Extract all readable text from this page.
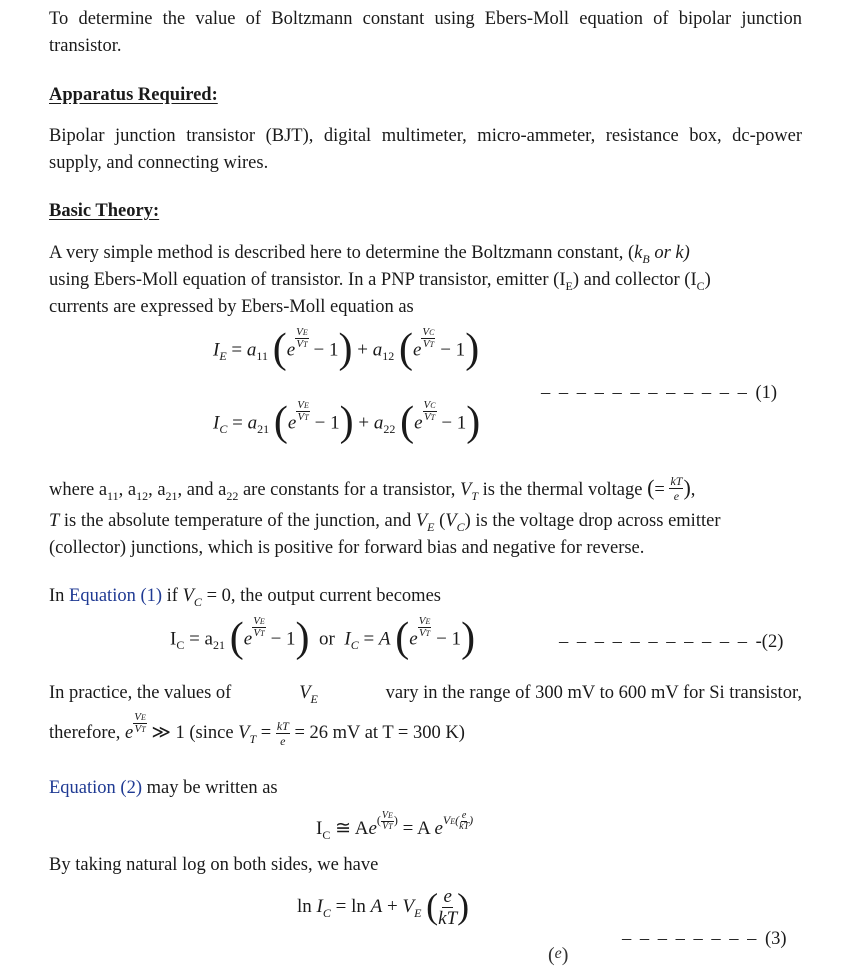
To determine the value of Boltzmann constant using Ebers-Moll equation of bipolar junction transistor.

Apparatus Required:

Bipolar junction transistor (BJT), digital multimeter, micro-ammeter, resistance box, dc-power supply, and connecting wires.

Basic Theory:
A very simple method is described here to determine the Boltzmann constant, ($k_B$ or k)
using Ebers-Moll equation of transistor. In a PNP transistor, emitter $(I_E)$ and collector $(I_C)$
currents are expressed by Ebers-Moll equation as
$I_E = a_{11}$ (e
$\frac{VE}{VT}$
− $1) + a_{12}$ (e
$\frac{VC}{VT}$
− 1)
– – – – – – – – – – – – (1)
$I_C = a_{21}$ (e
$\frac{VE}{VT}$
− $1) + a_{22}$ (e
$\frac{VC}{VT}$
− 1)
where $a_{11}$, $a_{12}$, $a_{21}$, and $a_{22}$ are constants for a transistor, $V_T$ is the thermal voltage (= $\frac{kT}{e}$ ),
T is the absolute temperature of the junction, and $V_E$ $(V_C)$ is the voltage drop across emitter
(collector) junctions, which is positive for forward bias and negative for reverse.
In Equation (1) if $V_C = 0$, the output current becomes
$I_C = a_{21}$ (e
$\frac{VE}{VT}$
− 1) or $I_C = A$ (e
$\frac{VE}{VT}$
− 1)	– – – – – – – – – – – -(2)
In practice, the values of	$V_E$	vary in the range of 300 mV to 600 mV for Si transistor,
therefore, e $\frac{VE}{VT}$ ≫ 1 (since $V_T = \frac{kT}{e} = 26$ mV at T = 300 K)
Equation (2) may be written as
$I_C$ ≅ $Ae^{( \frac{VE}{VT} )} = A$ $e^{VE( \frac{e}{kT} )}$
By taking natural log on both sides, we have
$\ln I_C = \ln A + V_E$ ( $\frac{e}{kT}$ )
– – – – – – – – (3)
(e)
